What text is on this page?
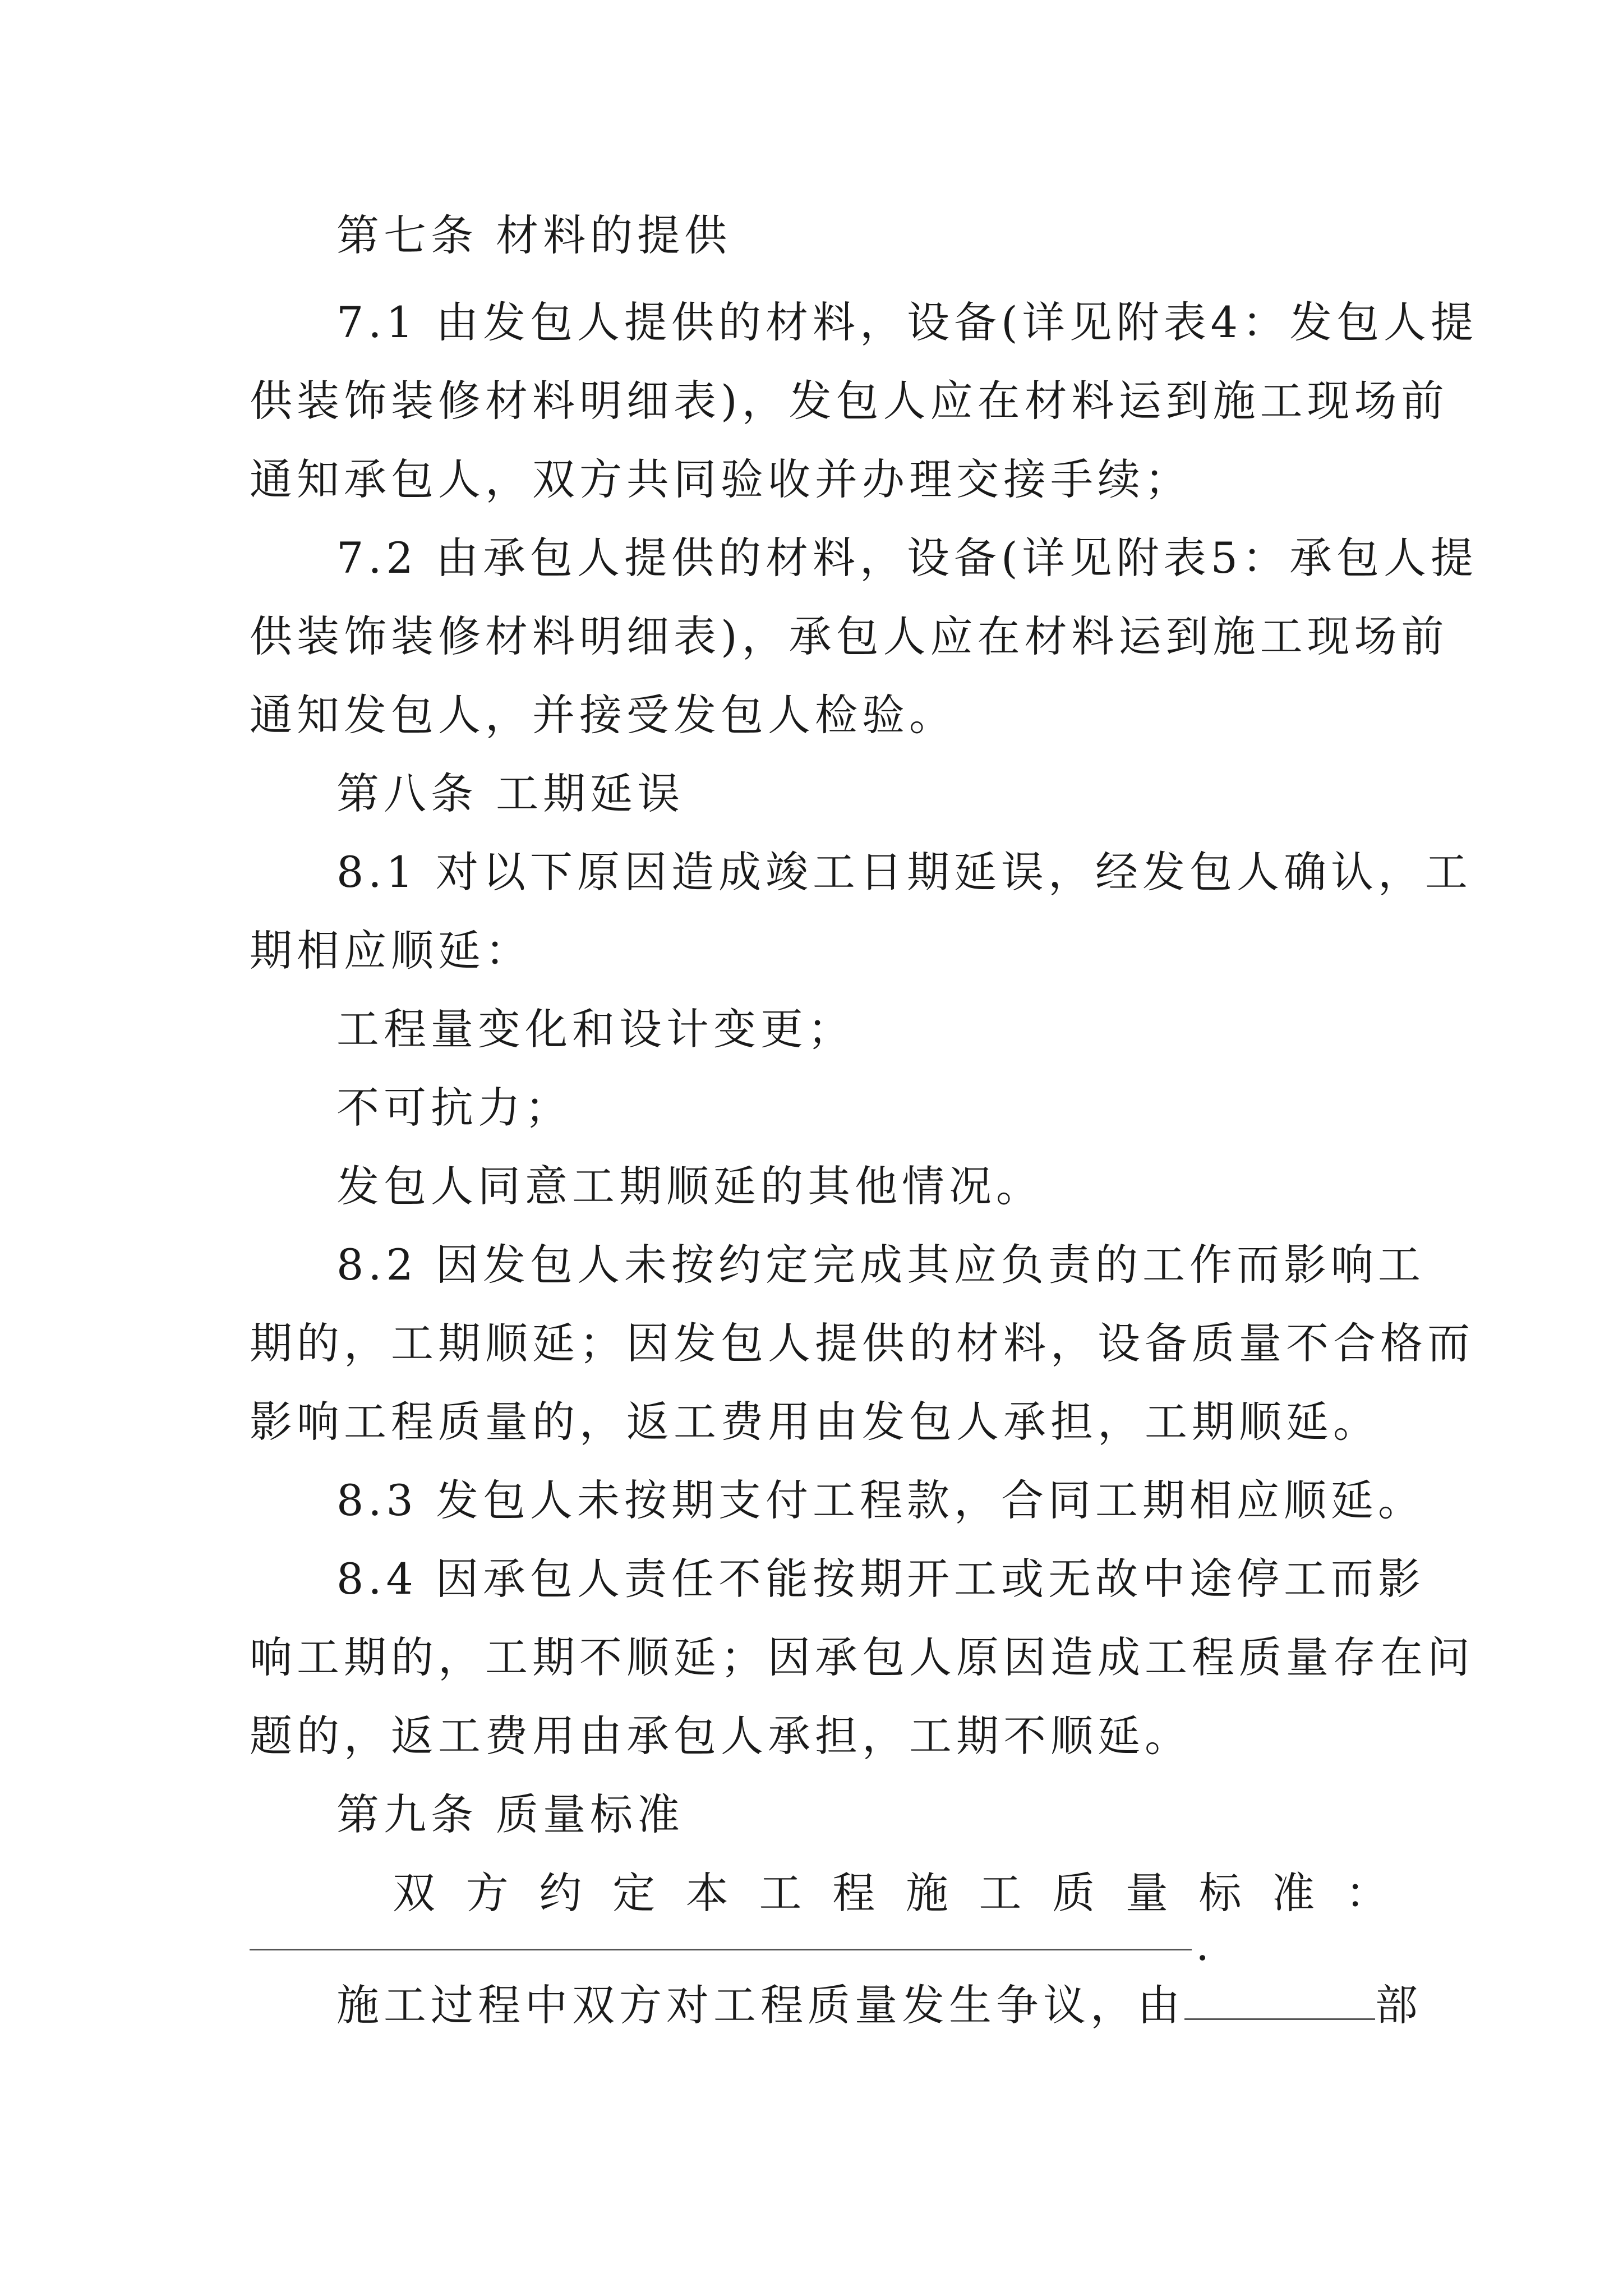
第七条 材料的提供
7.1 由发包人提供的材料，设备(详见附表4：发包人提
供装饰装修材料明细表)，发包人应在材料运到施工现场前
通知承包人，双方共同验收并办理交接手续；
7.2 由承包人提供的材料，设备(详见附表5：承包人提
供装饰装修材料明细表)，承包人应在材料运到施工现场前
通知发包人，并接受发包人检验。
第八条 工期延误
8.1 对以下原因造成竣工日期延误，经发包人确认，工
期相应顺延：
工程量变化和设计变更；
不可抗力；
发包人同意工期顺延的其他情况。
8.2 因发包人未按约定完成其应负责的工作而影响工
期的，工期顺延；因发包人提供的材料，设备质量不合格而
影响工程质量的，返工费用由发包人承担，工期顺延。
8.3 发包人未按期支付工程款，合同工期相应顺延。
8.4 因承包人责任不能按期开工或无故中途停工而影
响工期的，工期不顺延；因承包人原因造成工程质量存在问
题的，返工费用由承包人承担，工期不顺延。
第九条 质量标准
双 方 约 定 本 工 程 施 工 质 量 标 准 ：
.
施工过程中双方对工程质量发生争议，由	部
